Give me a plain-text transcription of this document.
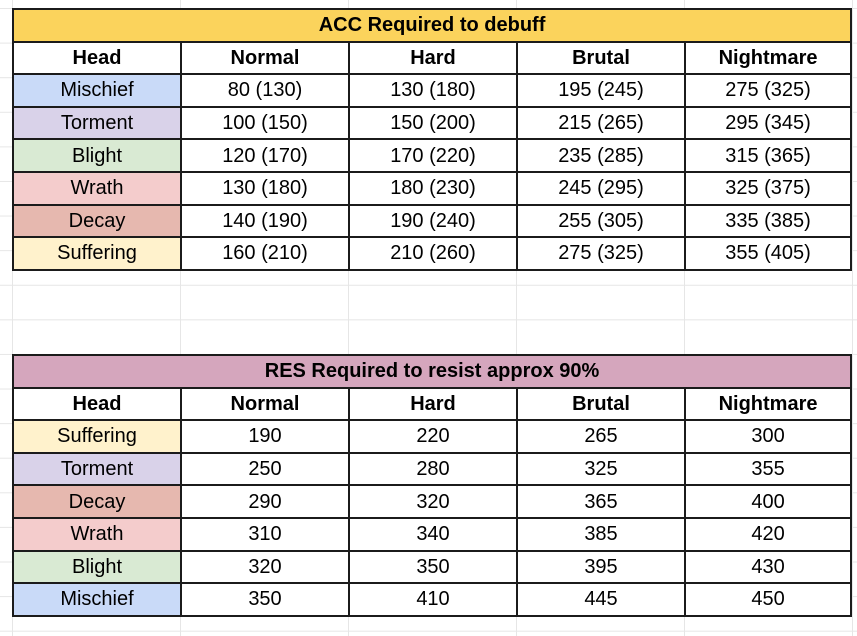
ACC Required to debuff				
Head	Normal	Hard	Brutal	Nightmare
Mischief	80 (130)	130 (180)	195 (245)	275 (325)
Torment	100 (150)	150 (200)	215 (265)	295 (345)
Blight	120 (170)	170 (220)	235 (285)	315 (365)
Wrath	130 (180)	180 (230)	245 (295)	325 (375)
Decay	140 (190)	190 (240)	255 (305)	335 (385)
Suffering	160 (210)	210 (260)	275 (325)	355 (405)
RES Required to resist approx 90%				
Head	Normal	Hard	Brutal	Nightmare
Suffering	190	220	265	300
Torment	250	280	325	355
Decay	290	320	365	400
Wrath	310	340	385	420
Blight	320	350	395	430
Mischief	350	410	445	450
